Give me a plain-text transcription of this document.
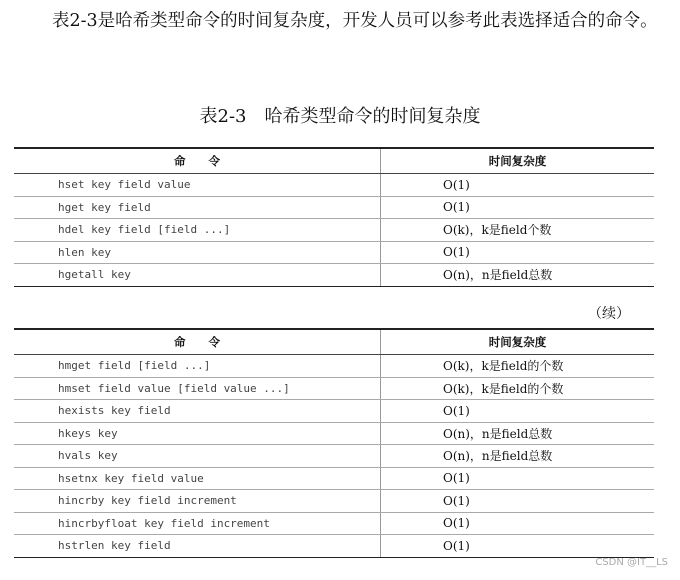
表2-3是哈希类型命令的时间复杂度，开发人员可以参考此表选择适合的命令。

表2-3　哈希类型命令的时间复杂度

命　　令	时间复杂度
hset key field value	O(1)
hget key field	O(1)
hdel key field [field ...]	O(k)，k是field个数
hlen key	O(1)
hgetall key	O(n)，n是field总数
（续）
命　　令	时间复杂度
hmget field [field ...]	O(k)，k是field的个数
hmset field value [field value ...]	O(k)，k是field的个数
hexists key field	O(1)
hkeys key	O(n)，n是field总数
hvals key	O(n)，n是field总数
hsetnx key field value	O(1)
hincrby key field increment	O(1)
hincrbyfloat key field increment	O(1)
hstrlen key field	O(1)
CSDN @IT__LS
